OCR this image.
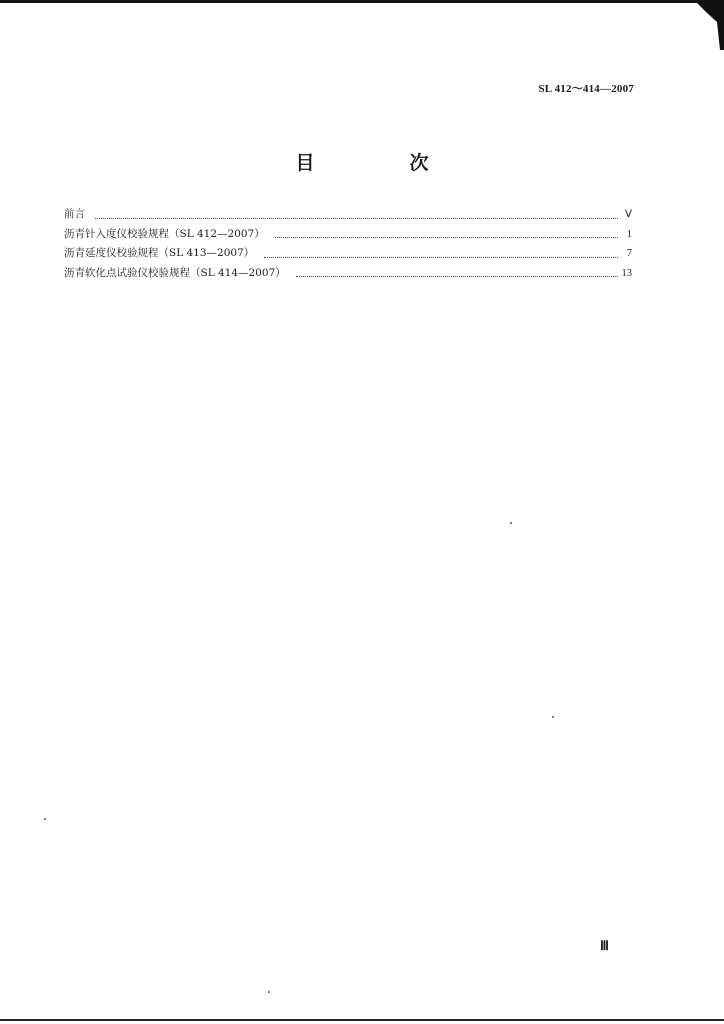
SL 412～414—2007
目　次
前言	Ⅴ
沥青针入度仪校验规程（SL 412—2007）	1
沥青延度仪校验规程（SL 413—2007）	7
沥青软化点试验仪校验规程（SL 414—2007）	13
Ⅲ
